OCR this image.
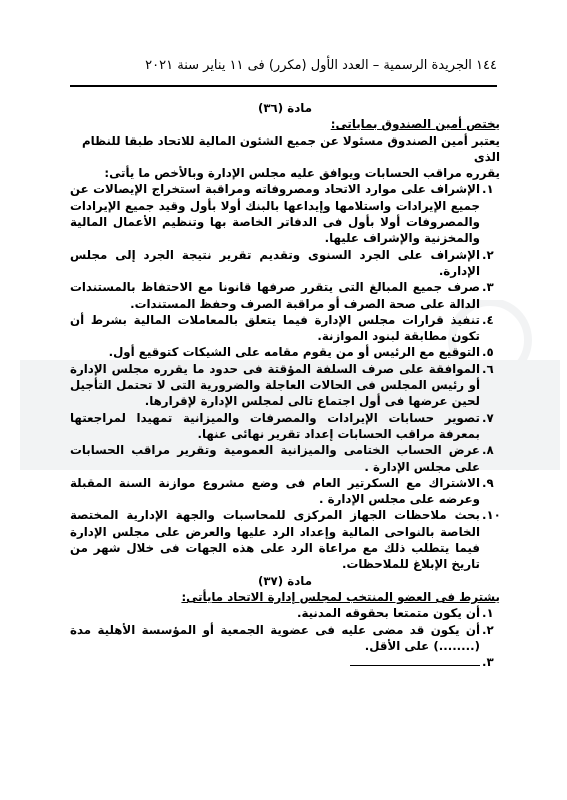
١٤٤ الجريدة الرسمية – العدد الأول (مكرر) فى ١١ يناير سنة ٢٠٢١

مادة (٣٦)

يختص أمين الصندوق بماياتى:

يعتبر أمين الصندوق مسئولا عن جميع الشئون المالية للاتحاد طبقا للنظام الذى

يقرره مراقب الحسابات ويوافق عليه مجلس الإدارة وبالأخص ما يأتى:

.١
الإشراف على موارد الاتحاد ومصروفاته ومراقبة استخراج الإيصالات عن جميع الإيرادات واستلامها وإيداعها بالبنك أولا بأول وقيد جميع الإيرادات والمصروفات أولا بأول فى الدفاتر الخاصة بها وتنظيم الأعمال المالية والمخزنية والإشراف عليها.
.٢
الإشراف على الجرد السنوى وتقديم تقرير نتيجة الجرد إلى مجلس الإدارة.
.٣
صرف جميع المبالغ التى يتقرر صرفها قانونا مع الاحتفاظ بالمستندات الدالة على صحة الصرف أو مراقبة الصرف وحفظ المستندات.
.٤
تنفيذ قرارات مجلس الإدارة فيما يتعلق بالمعاملات المالية بشرط أن تكون مطابقة لبنود الموازنة.
.٥
التوقيع مع الرئيس أو من يقوم مقامه على الشيكات كتوقيع أول.
.٦
الموافقة على صرف السلفة المؤقتة فى حدود ما يقرره مجلس الإدارة أو رئيس المجلس فى الحالات العاجلة والضرورية التى لا تحتمل التأجيل لحين عرضها فى أول اجتماع تالى لمجلس الإدارة لإقرارها.
.٧
تصوير حسابات الإيرادات والمصرفات والميزانية تمهيدا لمراجعتها بمعرفة مراقب الحسابات إعداد تقرير نهائى عنها.
.٨
عرض الحساب الختامى والميزانية العمومية وتقرير مراقب الحسابات على مجلس الإدارة .
.٩
الاشتراك مع السكرتير العام فى وضع مشروع موازنة السنة المقبلة وعرضه على مجلس الإدارة .
.١٠
بحث ملاحظات الجهاز المركزى للمحاسبات والجهة الإدارية المختصة الخاصة بالنواحى المالية وإعداد الرد عليها والعرض على مجلس الإدارة فيما يتطلب ذلك مع مراعاة الرد على هذه الجهات فى خلال شهر من تاريخ الإبلاغ للملاحظات.

مادة (٣٧)

يشترط فى العضو المنتخب لمجلس إدارة الاتحاد مايأتى:

.١
أن يكون متمتعا بحقوقه المدنية.
.٢
أن يكون قد مضى عليه فى عضوية الجمعية أو المؤسسة الأهلية مدة (........) على الأقل.
.٣
